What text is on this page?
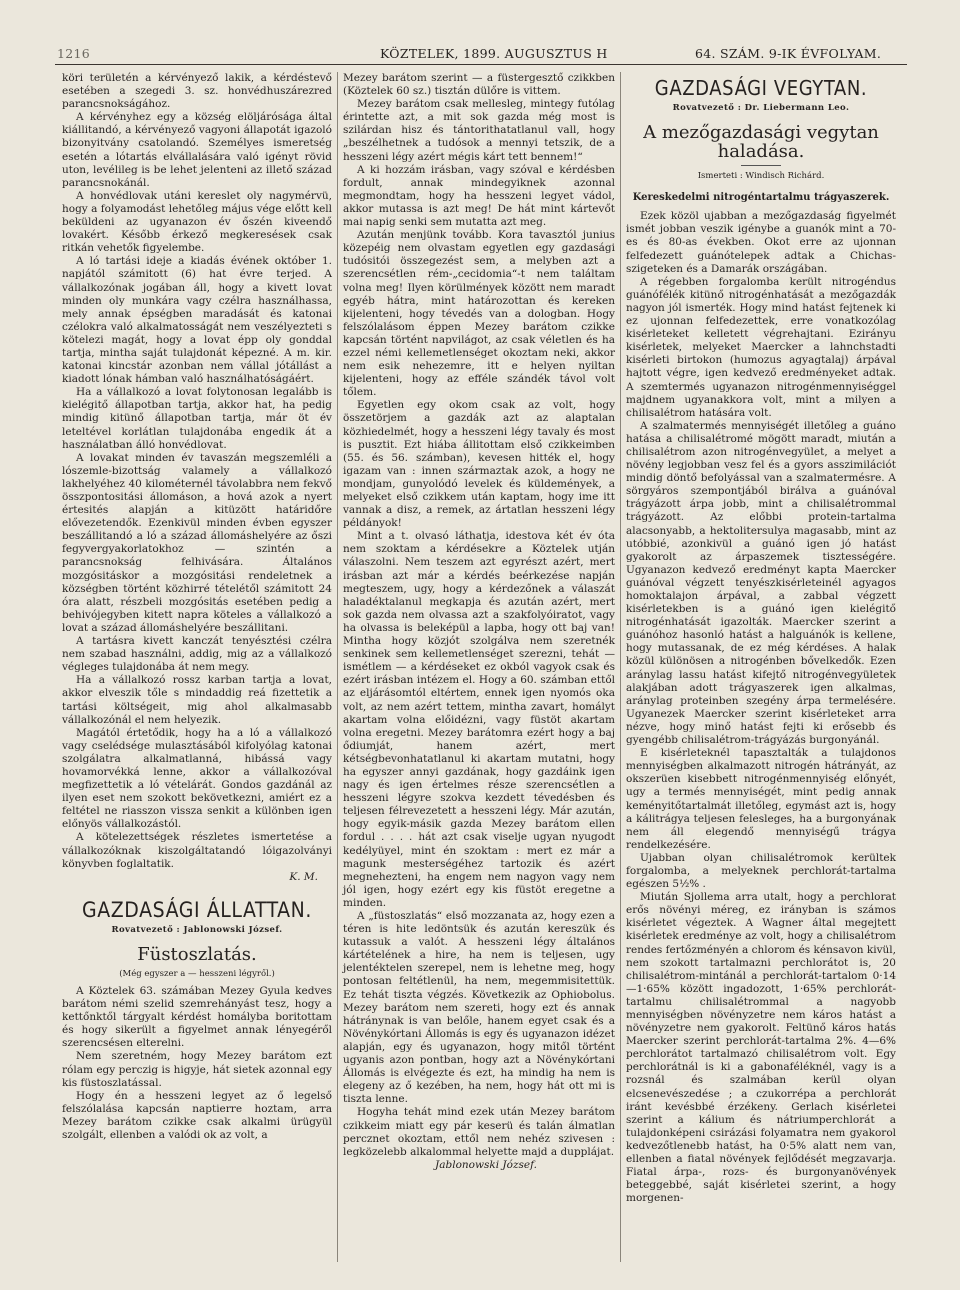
1216	KÖZTELEK, 1899. AUGUSZTUS H	64. SZÁM. 9-IK ÉVFOLYAM.

köri területén a kérvényező lakik, a kérdéstevő esetében a szegedi 3. sz. honvédhuszárezred parancsnokságához.

A kérvényhez egy a község elöljárósága által kiállitandó, a kérvényező vagyoni állapotát igazoló bizonyitvány csatolandó. Személyes ismeretség esetén a lótartás elvállalására való igényt rövid uton, levélileg is be lehet jelenteni az illető század parancsnokánál.

A honvédlovak utáni kereslet oly nagymérvü, hogy a folyamodást lehetőleg május vége előtt kell beküldeni az ugyanazon év őszén kiveendő lovakért. Később érkező megkeresések csak ritkán vehetők figyelembe.

A ló tartási ideje a kiadás évének október 1. napjától számitott (6) hat évre terjed. A vállalkozónak jogában áll, hogy a kivett lovat minden oly munkára vagy czélra használhassa, mely annak épségben maradását és katonai czélokra való alkalmatosságát nem veszélyezteti s kötelezi magát, hogy a lovat épp oly gonddal tartja, mintha saját tulajdonát képezné. A m. kir. katonai kincstár azonban nem vállal jótállást a kiadott lónak hámban való használhatóságáért.

Ha a vállalkozó a lovat folytonosan legalább is kielégitő állapotban tartja, akkor hat, ha pedig mindig kitünő állapotban tartja, már öt év leteltével korlátlan tulajdonába engedik át a használatban álló honvédlovat.

A lovakat minden év tavaszán megszemléli a lószemle-bizottság valamely a vállalkozó lakhelyéhez 40 kilométernél távolabbra nem fekvő összpontositási állomáson, a hová azok a nyert értesités alapján a kitüzött határidőre elővezetendők. Ezenkivül minden évben egyszer beszállitandó a ló a század állomáshelyére az őszi fegyvergyakorlatokhoz — szintén a parancsnokság felhivására. Általános mozgósitáskor a mozgósitási rendeletnek a községben történt közhirré tételétől számitott 24 óra alatt, részbeli mozgósitás esetében pedig a behivójegyben kitett napra köteles a vállalkozó a lovat a század állomáshelyére beszállitani.

A tartásra kivett kanczát tenyésztési czélra nem szabad használni, addig, mig az a vállalkozó végleges tulajdonába át nem megy.

Ha a vállalkozó rossz karban tartja a lovat, akkor elveszik tőle s mindaddig reá fizettetik a tartási költségeit, mig ahol alkalmasabb vállalkozónál el nem helyezik.

Magától értetődik, hogy ha a ló a vállalkozó vagy cselédsége mulasztásából kifolyólag katonai szolgálatra alkalmatlanná, hibássá vagy hovamorvékká lenne, akkor a vállalkozóval megfizettetik a ló vételárát. Gondos gazdánál az ilyen eset nem szokott bekövetkezni, amiért ez a feltétel ne riasszon vissza senkit a különben igen előnyös vállalkozástól.

A kötelezettségek részletes ismertetése a vállalkozóknak kiszolgáltatandó lóigazolványi könyvben foglaltatik.

K. M.

GAZDASÁGI ÁLLATTAN.
Rovatvezető : Jablonowski József.
Füstoszlatás.
(Még egyszer a — hesszeni légyről.)

A Köztelek 63. számában Mezey Gyula kedves barátom némi szelid szemrehányást tesz, hogy a kettőnktől tárgyalt kérdést homályba boritottam és hogy sikerült a figyelmet annak lényegéről szerencsésen elterelni.

Nem szeretném, hogy Mezey barátom ezt rólam egy perczig is higyje, hát sietek azonnal egy kis füstoszlatással.

Hogy én a hesszeni legyet az ő legelső felszólalása kapcsán naptierre hoztam, arra Mezey barátom czikke csak alkalmi ürügyül szolgált, ellenben a valódi ok az volt, a

Mezey barátom szerint — a füstergesztő czikkben (Köztelek 60 sz.) tisztán dülőre is vittem.

Mezey barátom csak mellesleg, mintegy futólag érintette azt, a mit sok gazda még most is szilárdan hisz és tántorithatatlanul vall, hogy „beszélhetnek a tudósok a mennyi tetszik, de a hesszeni légy azért mégis kárt tett bennem!“

A ki hozzám irásban, vagy szóval e kérdésben fordult, annak mindegyiknek azonnal megmondtam, hogy ha hesszeni legyet vádol, akkor mutassa is azt meg! De hát mint kártevőt mai napig senki sem mutatta azt meg.

Azután menjünk tovább. Kora tavasztól junius közepéig nem olvastam egyetlen egy gazdasági tudósitói összegezést sem, a melyben azt a szerencsétlen rém-„cecidomia“-t nem találtam volna meg! Ilyen körülmények között nem maradt egyéb hátra, mint határozottan és kereken kijelenteni, hogy tévedés van a dologban. Hogy felszólalásom éppen Mezey barátom czikke kapcsán történt napvilágot, az csak véletlen és ha ezzel némi kellemetlenséget okoztam neki, akkor nem esik nehezemre, itt e helyen nyiltan kijelenteni, hogy az efféle szándék távol volt tőlem.

Egyetlen egy okom csak az volt, hogy összetörjem a gazdák azt az alaptalan közhiedelmét, hogy a hesszeni légy tavaly és most is pusztit. Ezt hiába állitottam első czikkeimben (55. és 56. számban), kevesen hitték el, hogy igazam van : innen származtak azok, a hogy ne mondjam, gunyolódó levelek és küldemények, a melyeket első czikkem után kaptam, hogy ime itt vannak a disz, a remek, az ártatlan hesszeni légy példányok!

Mint a t. olvasó láthatja, idestova két év óta nem szoktam a kérdésekre a Köztelek utján válaszolni. Nem teszem azt egyrészt azért, mert irásban azt már a kérdés beérkezése napján megteszem, ugy, hogy a kérdezőnek a válaszát haladéktalanul megkapja és azután azért, mert sok gazda nem olvassa azt a szakfolyóiratot, vagy ha olvassa is beleképül a lapba, hogy ott baj van! Mintha hogy közjót szolgálva nem szeretnék senkinek sem kellemetlenséget szerezni, tehát — ismétlem — a kérdéseket ez okból vagyok csak és ezért irásban intézem el. Hogy a 60. számban ettől az eljárásomtól eltértem, ennek igen nyomós oka volt, az nem azért tettem, mintha zavart, homályt akartam volna előidézni, vagy füstöt akartam volna eregetni. Mezey barátomra ezért hogy a baj ődiumját, hanem azért, mert kétségbevonhatatlanul ki akartam mutatni, hogy ha egyszer annyi gazdának, hogy gazdáink igen nagy és igen értelmes része szerencsétlen a hesszeni légyre szokva kezdett tévedésben és teljesen félrevezetett a hesszeni légy. Már azután, hogy egyik-másik gazda Mezey barátom ellen fordul . . . . hát azt csak viselje ugyan nyugodt kedélyüyel, mint én szoktam : mert ez már a magunk mesterségéhez tartozik és azért megnehezteni, ha engem nem nagyon vagy nem jól igen, hogy ezért egy kis füstöt eregetne a minden.

A „füstoszlatás“ első mozzanata az, hogy ezen a téren is hite ledöntsük és azután kereszük és kutassuk a valót. A hesszeni légy általános kártételének a hire, ha nem is teljesen, ugy jelentéktelen szerepel, nem is lehetne meg, hogy pontosan feltétlenül, ha nem, megemmisitettük. Ez tehát tiszta végzés. Következik az Ophiobolus. Mezey barátom nem szereti, hogy ezt és annak hátránynak is van belőle, hanem egyet csak és a Növénykórtani Állomás is egy és ugyanazon idézet alapján, egy és ugyanazon, hogy mitől történt ugyanis azon pontban, hogy azt a Növénykórtani Állomás is elvégezte és ezt, ha mindig ha nem is elegeny az ő kezében, ha nem, hogy hát ott mi is tiszta lenne.

Hogyha tehát mind ezek után Mezey barátom czikkeim miatt egy pár keserü és talán álmatlan percznet okoztam, ettől nem nehéz szivesen : legközelebb alkalommal helyette majd a dupplájat.

Jablonowski József.

GAZDASÁGI VEGYTAN.
Rovatvezető : Dr. Liebermann Leo.
A mezőgazdasági vegytan haladása.
Ismerteti : Windisch Richárd.
Kereskedelmi nitrogéntartalmu trágyaszerek.

Ezek közöl ujabban a mezőgazdaság figyelmét ismét jobban veszik igénybe a guanók mint a 70-es és 80-as években. Okot erre az ujonnan felfedezett guánótelepek adtak a Chichas-szigeteken és a Damarák országában.

A régebben forgalomba került nitrogéndus guánófélék kitünő nitrogénhatását a mezőgazdák nagyon jól ismerték. Hogy mind hatást fejtenek ki ez ujonnan felfedezettek, erre vonatkozólag kisérleteket kelletett végrehajtani. Ezirányu kisérletek, melyeket Maercker a lahnchstadti kisérleti birtokon (humozus agyagtalaj) árpával hajtott végre, igen kedvező eredményeket adtak. A szemtermés ugyanazon nitrogénmennyiséggel majdnem ugyanakkora volt, mint a milyen a chilisalétrom hatására volt.

A szalmatermés mennyiségét illetőleg a guáno hatása a chilisalétromé mögött maradt, miután a chilisalétrom azon nitrogénvegyület, a melyet a növény legjobban vesz fel és a gyors asszimilációt mindig döntő befolyással van a szalmatermésre. A sörgyáros szempontjából birálva a guánóval trágyázott árpa jobb, mint a chilisalétrommal trágyázott. Az előbbi protein-tartalma alacsonyabb, a hektolitersulya magasabb, mint az utóbbié, azonkivül a guánó igen jó hatást gyakorolt az árpaszemek tisztességére. Ugyanazon kedvező eredményt kapta Maercker guánóval végzett tenyészkisérleteinél agyagos homoktalajon árpával, a zabbal végzett kisérletekben is a guánó igen kielégitő nitrogénhatását igazolták. Maercker szerint a guánóhoz hasonló hatást a halguánók is kellene, hogy mutassanak, de ez még kérdéses. A halak közül különösen a nitrogénben bővelkedők. Ezen aránylag lassu hatást kifejtő nitrogénvegyületek alakjában adott trágyaszerek igen alkalmas, aránylag proteinben szegény árpa termelésére. Ugyanezek Maercker szerint kisérleteket arra nézve, hogy minő hatást fejti ki erősebb és gyengébb chilisalétrom-trágyázás burgonyánál.

E kisérleteknél tapasztalták a tulajdonos mennyiségben alkalmazott nitrogén hátrányát, az okszerüen kisebbett nitrogénmennyiség előnyét, ugy a termés mennyiségét, mint pedig annak keményitőtartalmát illetőleg, egymást azt is, hogy a kálitrágya teljesen felesleges, ha a burgonyának nem áll elegendő mennyiségű trágya rendelkezésére.

Ujabban olyan chilisalétromok kerültek forgalomba, a melyeknek perchlorát-tartalma egészen 5½% .

Miután Sjollema arra utalt, hogy a perchlorat erős növényi méreg, ez irányban is számos kisérletet végeztek. A Wagner által megejtett kisérletek eredménye az volt, hogy a chilisalétrom rendes fertőzményén a chlorom és kénsavon kivül, nem szokott tartalmazni perchlorátot is, 20 chilisalétrom-mintánál a perchlorát-tartalom 0·14—1·65% között ingadozott, 1·65% perchlorát-tartalmu chilisalétrommal a nagyobb mennyiségben növényzetre nem káros hatást a növényzetre nem gyakorolt. Feltünő káros hatás Maercker szerint perchlorát-tartalma 2%. 4—6% perchlorátot tartalmazó chilisalétrom volt. Egy perchlorátnál is ki a gabonaféléknél, vagy is a rozsnál és szalmában kerül olyan elcsenevészedése ; a czukorrépa a perchlorát iránt kevésbbé érzékeny. Gerlach kisérletei szerint a kálium és nátriumperchlorát a tulajdonképeni csirázási folyamatra nem gyakorol kedvezőtlenebb hatást, ha 0·5% alatt nem van, ellenben a fiatal növények fejlődését megzavarja. Fiatal árpa-, rozs- és burgonyanövények beteggebbé, saját kisérletei szerint, a hogy morgenen-
